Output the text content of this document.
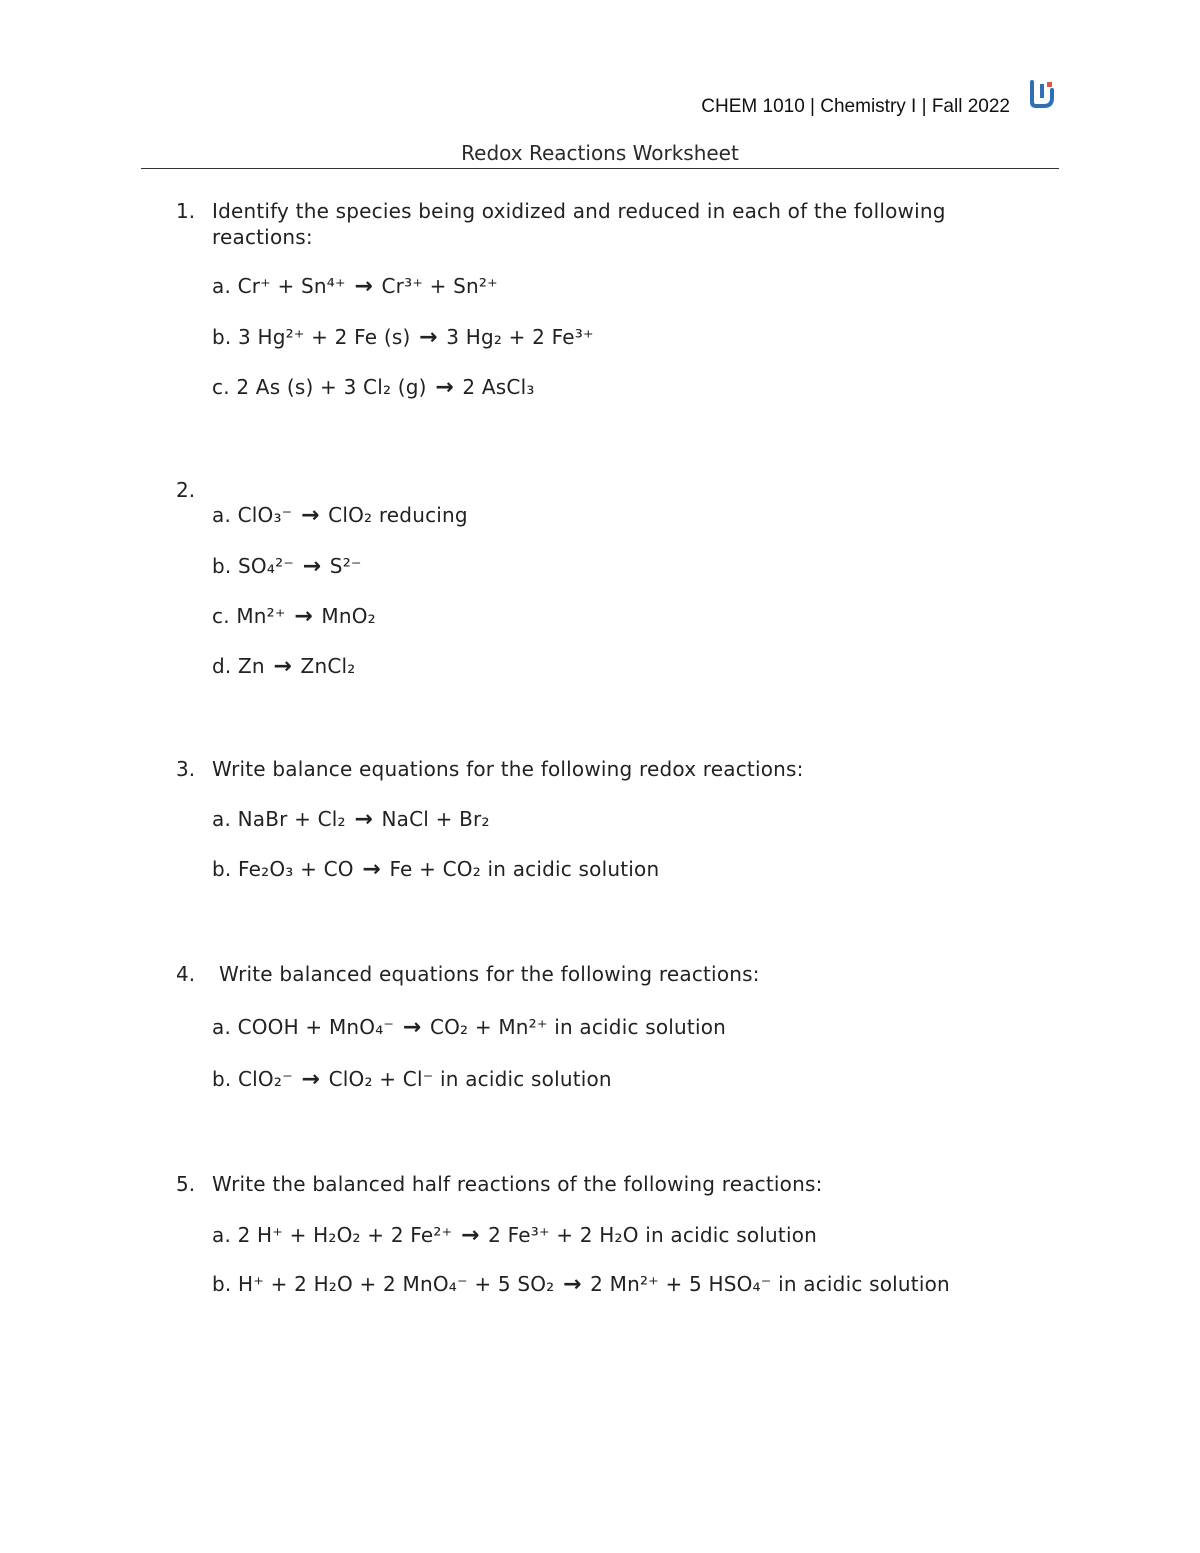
CHEM 1010 | Chemistry I | Fall 2022
Redox Reactions Worksheet
1. Identify the species being oxidized and reduced in each of the following
reactions:
a. Cr⁺ + Sn⁴⁺ → Cr³⁺ + Sn²⁺
b. 3 Hg²⁺ + 2 Fe (s) → 3 Hg₂ + 2 Fe³⁺
c. 2 As (s) + 3 Cl₂ (g) → 2 AsCl₃
2.
a. ClO₃⁻ → ClO₂ reducing
b. SO₄²⁻ → S²⁻
c. Mn²⁺ → MnO₂
d. Zn → ZnCl₂
3. Write balance equations for the following redox reactions:
a. NaBr + Cl₂ → NaCl + Br₂
b. Fe₂O₃ + CO → Fe + CO₂ in acidic solution
4. Write balanced equations for the following reactions:
a. COOH + MnO₄⁻ → CO₂ + Mn²⁺ in acidic solution
b. ClO₂⁻ → ClO₂ + Cl⁻ in acidic solution
5. Write the balanced half reactions of the following reactions:
a. 2 H⁺ + H₂O₂ + 2 Fe²⁺ → 2 Fe³⁺ + 2 H₂O in acidic solution
b. H⁺ + 2 H₂O + 2 MnO₄⁻ + 5 SO₂ → 2 Mn²⁺ + 5 HSO₄⁻ in acidic solution
